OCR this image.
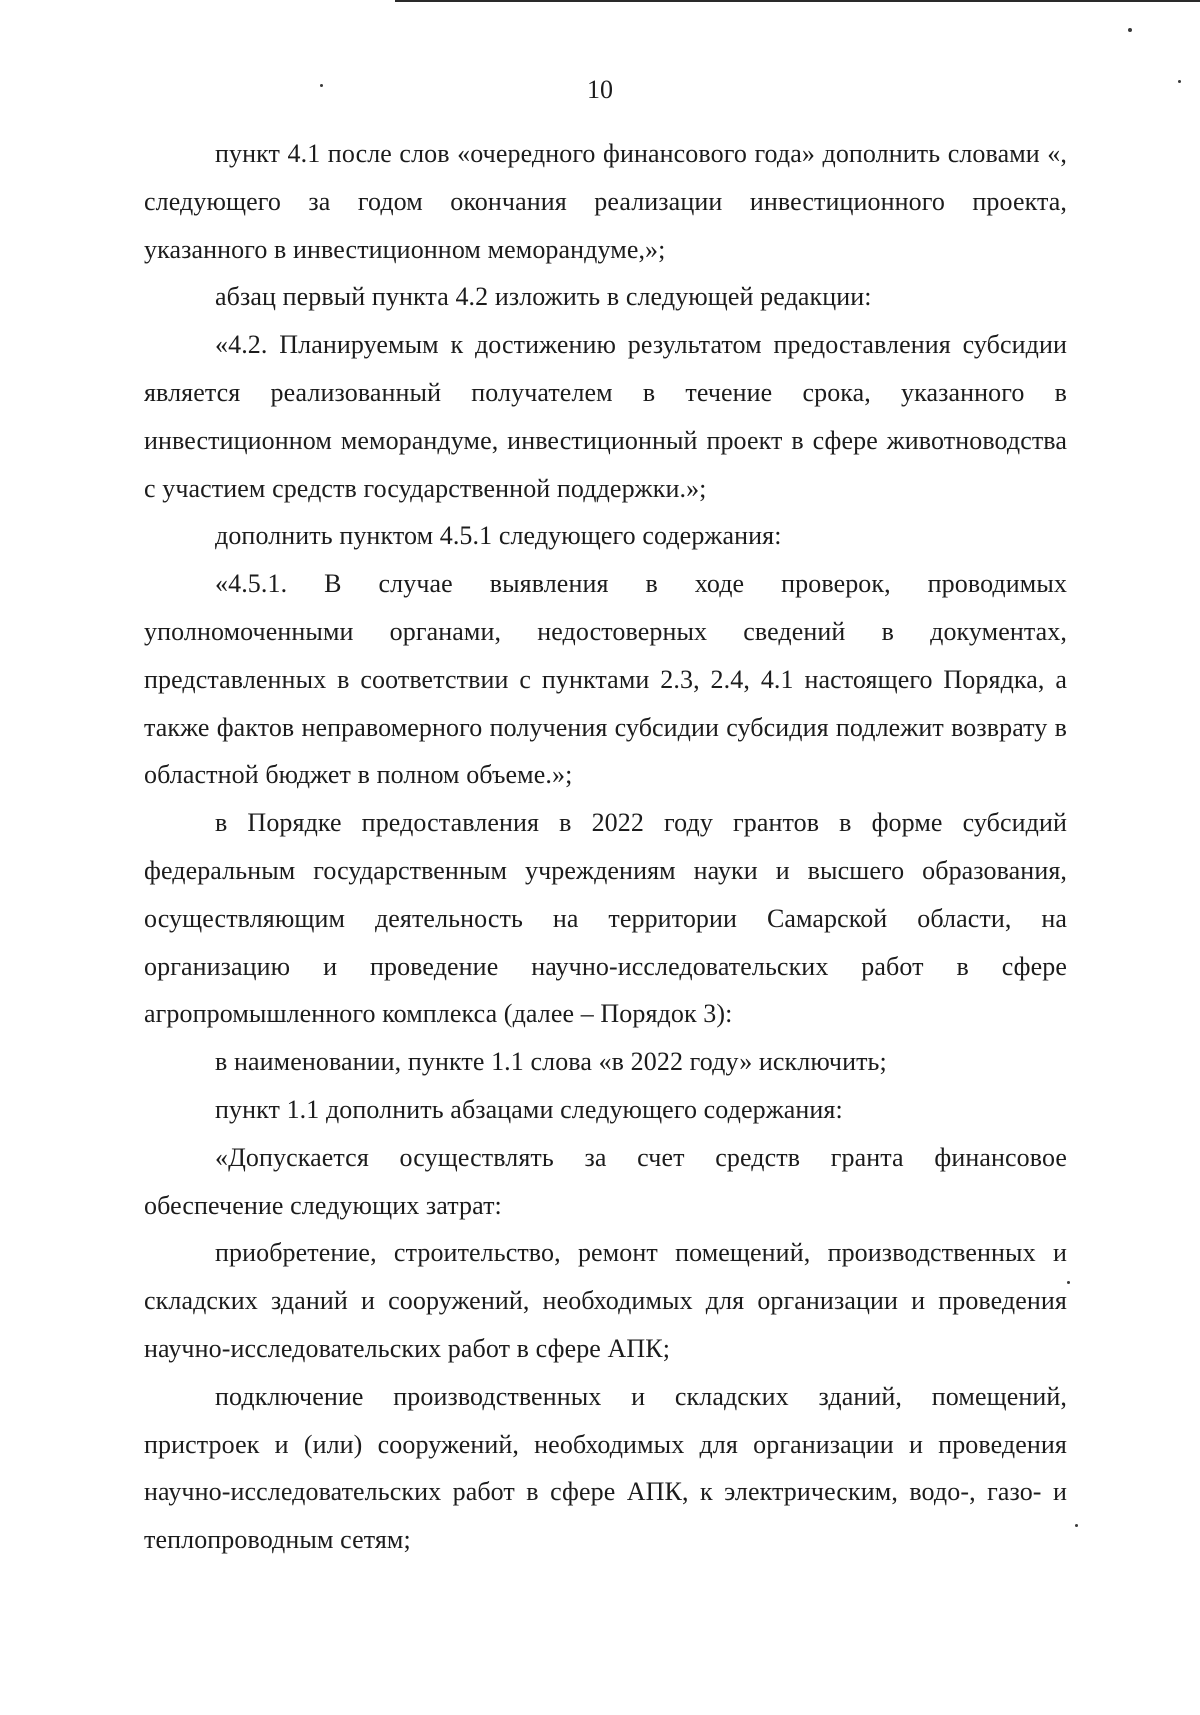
10

пункт 4.1 после слов «очередного финансового года» дополнить словами «, следующего за годом окончания реализации инвестиционного проекта, указанного в инвестиционном меморандуме,»;

абзац первый пункта 4.2 изложить в следующей редакции:

«4.2. Планируемым к достижению результатом предоставления субсидии является реализованный получателем в течение срока, указанного в инвестиционном меморандуме, инвестиционный проект в сфере животноводства с участием средств государственной поддержки.»;

дополнить пунктом 4.5.1 следующего содержания:

«4.5.1. В случае выявления в ходе проверок, проводимых уполномоченными органами, недостоверных сведений в документах, представленных в соответствии с пунктами 2.3, 2.4, 4.1 настоящего Порядка, а также фактов неправомерного получения субсидии субсидия подлежит возврату в областной бюджет в полном объеме.»;

в Порядке предоставления в 2022 году грантов в форме субсидий федеральным государственным учреждениям науки и высшего образования, осуществляющим деятельность на территории Самарской области, на организацию и проведение научно-исследовательских работ в сфере агропромышленного комплекса (далее – Порядок 3):

в наименовании, пункте 1.1 слова «в 2022 году» исключить;

пункт 1.1 дополнить абзацами следующего содержания:

«Допускается осуществлять за счет средств гранта финансовое обеспечение следующих затрат:

приобретение, строительство, ремонт помещений, производственных и складских зданий и сооружений, необходимых для организации и проведения научно-исследовательских работ в сфере АПК;

подключение производственных и складских зданий, помещений, пристроек и (или) сооружений, необходимых для организации и проведения научно-исследовательских работ в сфере АПК, к электрическим, водо-, газо- и теплопроводным сетям;
